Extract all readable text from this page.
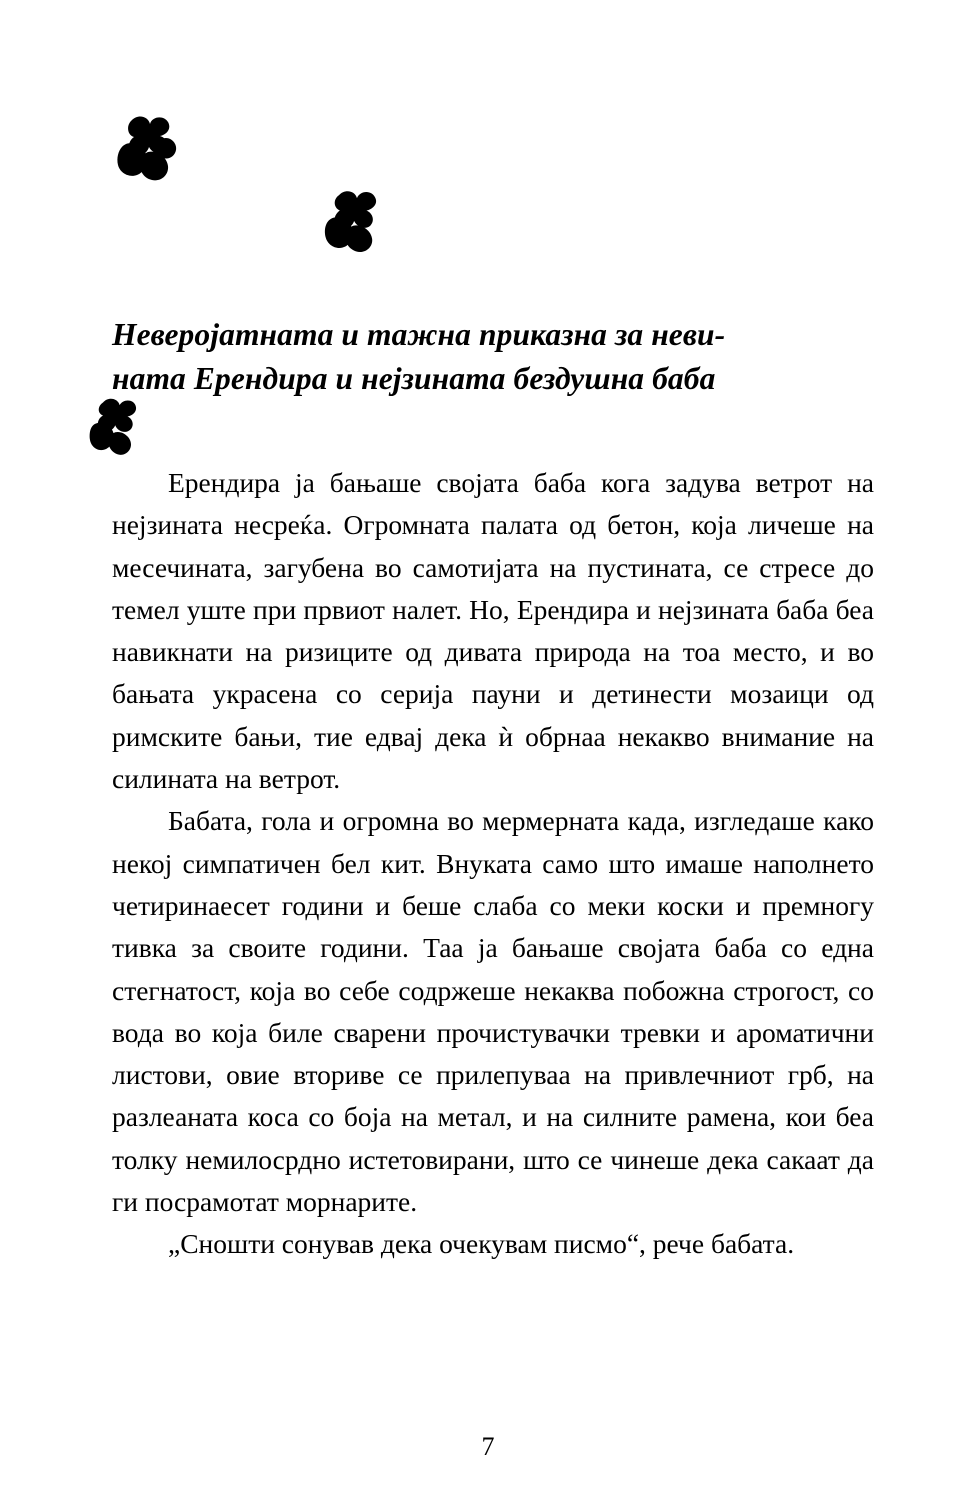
Неверојатната и тажна приказна за неви-
ната Ерендира и нејзината бездушна баба

Ерендира ја бањаше својата баба кога задува ветрот на нејзината несреќа. Огромната палата од бетон, која личеше на месечината, загубена во самотијата на пустината, се стресе до темел уште при првиот налет. Но, Ерендира и нејзината баба беа навикнати на ризиците од дивата природа на тоа место, и во бањата украсена со серија пауни и детинести мозаици од римските бањи, тие едвај дека ѝ обрнаа некакво внимание на силината на ветрот.

Бабата, гола и огромна во мермерната када, изгледаше како некој симпатичен бел кит. Внуката само што имаше наполнето четиринаесет години и беше слаба со меки коски и премногу тивка за своите години. Таа ја бањаше својата баба со една стегнатост, која во себе содржеше некаква побожна строгост, со вода во која биле сварени прочистувачки тревки и ароматични листови, овие вториве се прилепуваа на привлечниот грб, на разлеаната коса со боја на метал, и на силните рамена, кои беа толку немилосрдно истетовирани, што се чинеше дека сакаат да ги посрамотат морнарите.

„Сношти сонував дека очекувам писмо“, рече бабата.

7
